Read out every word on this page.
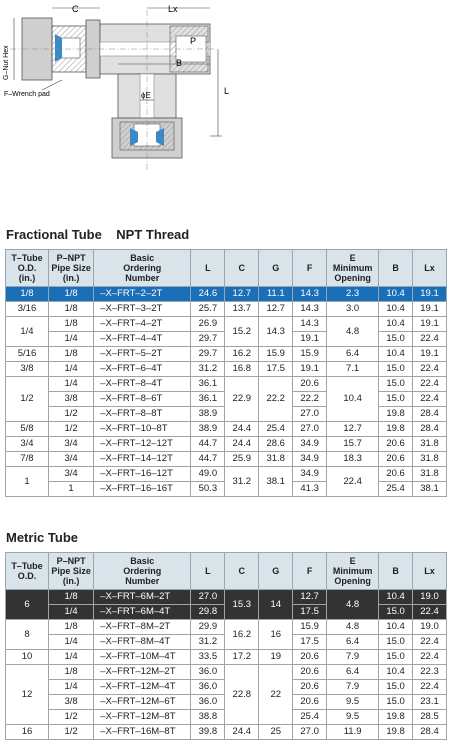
C	Lx
P
B
ϕE	L
G–Nut Hex
F–Wrench pad
Fractional Tube    NPT Thread
T–Tube
O.D.
(in.)	P–NPT
Pipe Size
(in.)	Basic
Ordering
Number	L	C	G	F	E
Minimum
Opening	B	Lx
1/8	1/8	–X–FRT–2–2T	24.6	12.7	11.1	14.3	2.3	10.4	19.1
3/16	1/8	–X–FRT–3–2T	25.7	13.7	12.7	14.3	3.0	10.4	19.1
1/4	1/8	–X–FRT–4–2T	26.9	15.2	14.3	14.3	4.8	10.4	19.1
	1/4	–X–FRT–4–4T	29.7			19.1		15.0	22.4
5/16	1/8	–X–FRT–5–2T	29.7	16.2	15.9	15.9	6.4	10.4	19.1
3/8	1/4	–X–FRT–6–4T	31.2	16.8	17.5	19.1	7.1	15.0	22.4
1/2	1/4	–X–FRT–8–4T	36.1	22.9	22.2	20.6	10.4	15.0	22.4
	3/8	–X–FRT–8–6T	36.1			22.2		15.0	22.4
	1/2	–X–FRT–8–8T	38.9			27.0		19.8	28.4
5/8	1/2	–X–FRT–10–8T	38.9	24.4	25.4	27.0	12.7	19.8	28.4
3/4	3/4	–X–FRT–12–12T	44.7	24.4	28.6	34.9	15.7	20.6	31.8
7/8	3/4	–X–FRT–14–12T	44.7	25.9	31.8	34.9	18.3	20.6	31.8
1	3/4	–X–FRT–16–12T	49.0	31.2	38.1	34.9	22.4	20.6	31.8
	1	–X–FRT–16–16T	50.3			41.3		25.4	38.1
Metric Tube
T–Tube
O.D.	P–NPT
Pipe Size
(in.)	Basic
Ordering
Number	L	C	G	F	E
Minimum
Opening	B	Lx
6	1/8	–X–FRT–6M–2T	27.0	15.3	14	12.7	4.8	10.4	19.0
	1/4	–X–FRT–6M–4T	29.8			17.5		15.0	22.4
8	1/8	–X–FRT–8M–2T	29.9	16.2	16	15.9	4.8	10.4	19.0
	1/4	–X–FRT–8M–4T	31.2			17.5	6.4	15.0	22.4
10	1/4	–X–FRT–10M–4T	33.5	17.2	19	20.6	7.9	15.0	22.4
12	1/8	–X–FRT–12M–2T	36.0	22.8	22	20.6	6.4	10.4	22.3
	1/4	–X–FRT–12M–4T	36.0			20.6	7.9	15.0	22.4
	3/8	–X–FRT–12M–6T	36.0			20.6	9.5	15.0	23.1
	1/2	–X–FRT–12M–8T	38.8			25.4	9.5	19.8	28.5
16	1/2	–X–FRT–16M–8T	39.8	24.4	25	27.0	11.9	19.8	28.4
